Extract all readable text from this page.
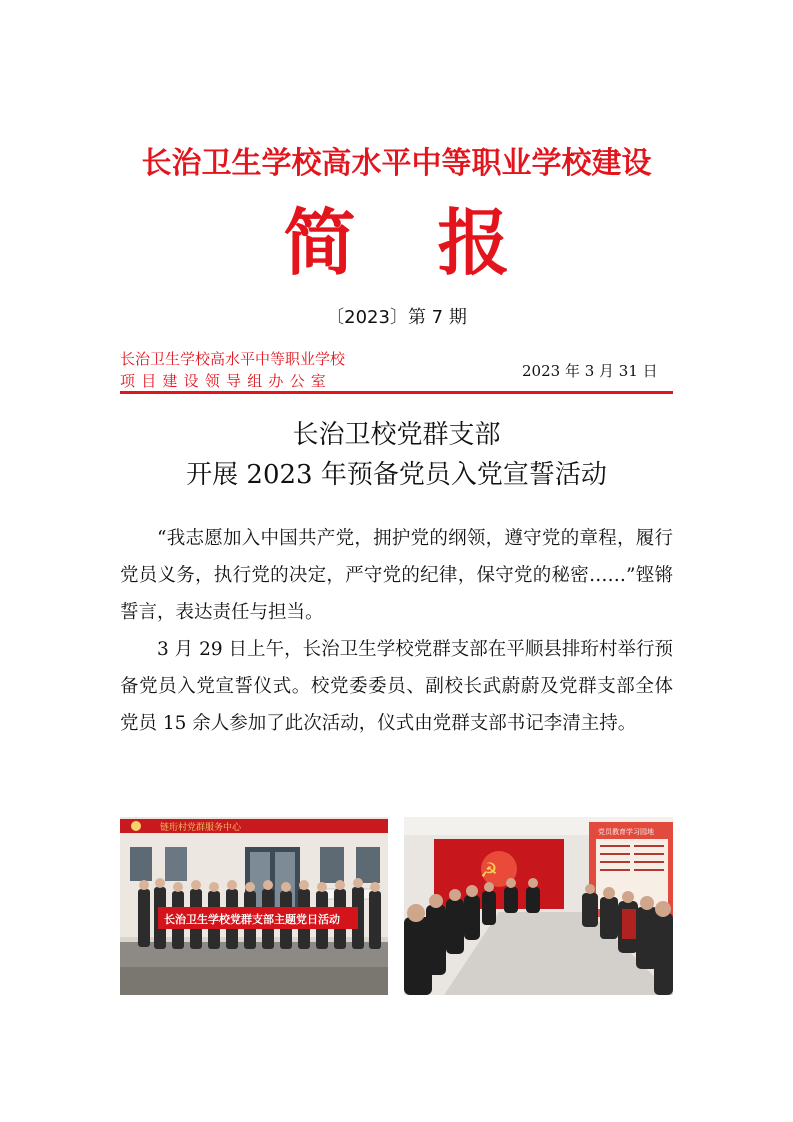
长治卫生学校高水平中等职业学校建设
简 报
〔2023〕第 7 期
长治卫生学校高水平中等职业学校
项目建设领导组办公室
2023 年 3 月 31 日
长治卫校党群支部
开展 2023 年预备党员入党宣誓活动

“我志愿加入中国共产党，拥护党的纲领，遵守党的章程，履行党员义务，执行党的决定，严守党的纪律，保守党的秘密……”铿锵誓言，表达责任与担当。

3 月 29 日上午，长治卫生学校党群支部在平顺县排珩村举行预备党员入党宣誓仪式。校党委委员、副校长武蔚蔚及党群支部全体党员 15 余人参加了此次活动，仪式由党群支部书记李清主持。

链珩村党群服务中心
长治卫生学校党群支部主题党日活动
☭
党员教育学习园地
